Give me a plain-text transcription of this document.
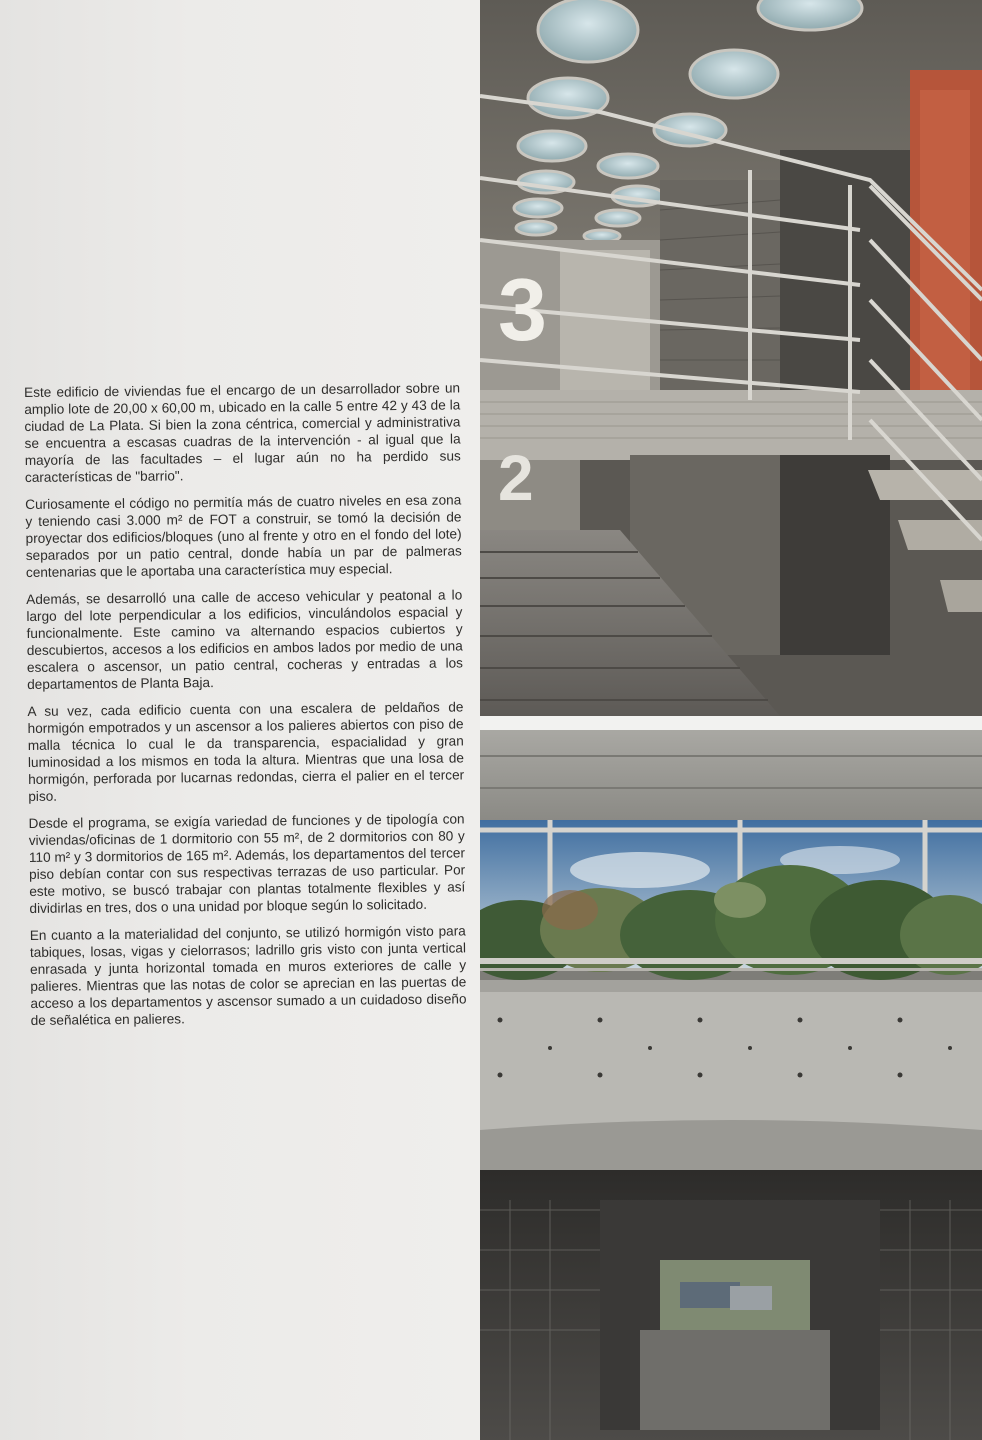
Este edificio de viviendas fue el encargo de un desarrollador sobre un amplio lote de 20,00 x 60,00 m, ubicado en la calle 5 entre 42 y 43 de la ciudad de La Plata. Si bien la zona céntrica, comercial y administrativa se encuentra a escasas cuadras de la intervención - al igual que la mayoría de las facultades – el lugar aún no ha perdido sus características de "barrio".

Curiosamente el código no permitía más de cuatro niveles en esa zona y teniendo casi 3.000 m² de FOT a construir, se tomó la decisión de proyectar dos edificios/bloques (uno al frente y otro en el fondo del lote) separados por un patio central, donde había un par de palmeras centenarias que le aportaba una característica muy especial.

Además, se desarrolló una calle de acceso vehicular y peatonal a lo largo del lote perpendicular a los edificios, vinculándolos espacial y funcionalmente. Este camino va alternando espacios cubiertos y descubiertos, accesos a los edificios en ambos lados por medio de una escalera o ascensor, un patio central, cocheras y entradas a los departamentos de Planta Baja.

A su vez, cada edificio cuenta con una escalera de peldaños de hormigón empotrados y un ascensor a los palieres abiertos con piso de malla técnica lo cual le da transparencia, espacialidad y gran luminosidad a los mismos en toda la altura. Mientras que una losa de hormigón, perforada por lucarnas redondas, cierra el palier en el tercer piso.

Desde el programa, se exigía variedad de funciones y de tipología con viviendas/oficinas de 1 dormitorio con 55 m², de 2 dormitorios con 80 y 110 m² y 3 dormitorios de 165 m². Además, los departamentos del tercer piso debían contar con sus respectivas terrazas de uso particular. Por este motivo, se buscó trabajar con plantas totalmente flexibles y así dividirlas en tres, dos o una unidad por bloque según lo solicitado.

En cuanto a la materialidad del conjunto, se utilizó hormigón visto para tabiques, losas, vigas y cielorrasos; ladrillo gris visto con junta vertical enrasada y junta horizontal tomada en muros exteriores de calle y palieres. Mientras que las notas de color se aprecian en las puertas de acceso a los departamentos y ascensor sumado a un cuidadoso diseño de señalética en palieres.

3
2
